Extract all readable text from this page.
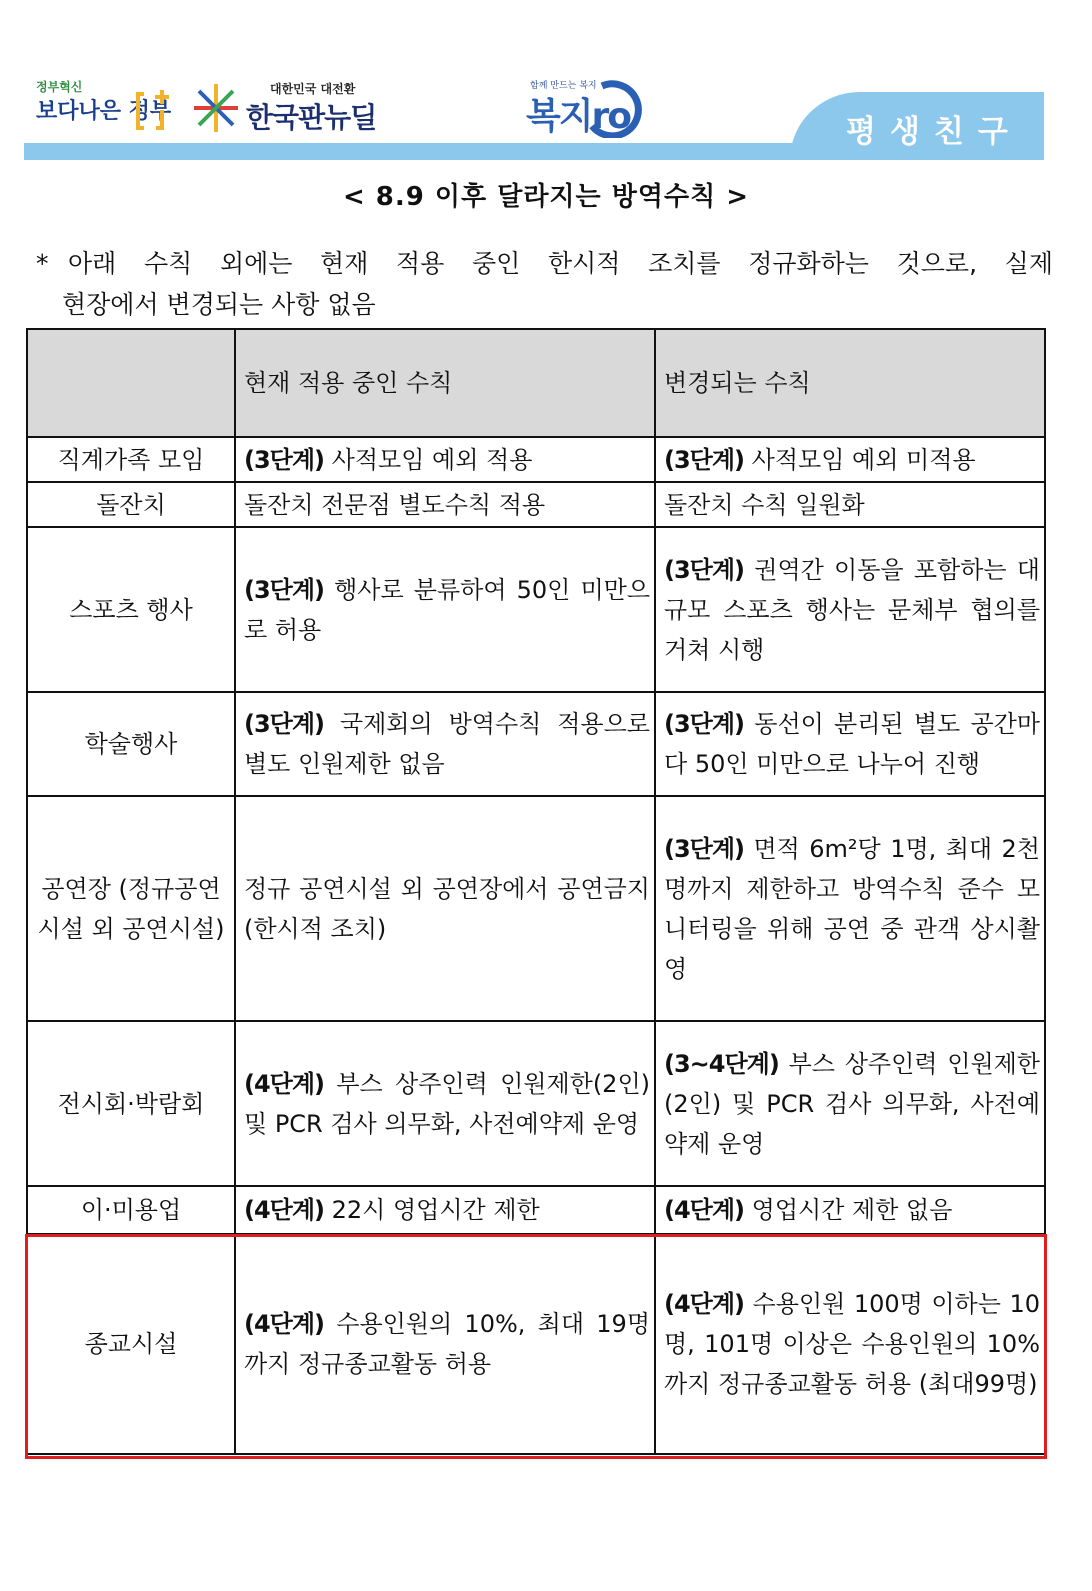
정부혁신
보다나은 정부
대한민국 대전환
한국판뉴딜
함께 만드는 복지
복지ro	평생친구
< 8.9 이후 달라지는 방역수칙 >
* 아래 수칙 외에는 현재 적용 중인 한시적 조치를 정규화하는 것으로, 실제
현장에서 변경되는 사항 없음
	현재 적용 중인 수칙	변경되는 수칙
직계가족 모임	(3단계) 사적모임 예외 적용	(3단계) 사적모임 예외 미적용
돌잔치	돌잔치 전문점 별도수칙 적용	돌잔치 수칙 일원화
스포츠 행사	(3단계) 행사로 분류하여 50인 미만으로 허용	(3단계) 권역간 이동을 포함하는 대규모 스포츠 행사는 문체부 협의를 거쳐 시행
학술행사	(3단계) 국제회의 방역수칙 적용으로 별도 인원제한 없음	(3단계) 동선이 분리된 별도 공간마다 50인 미만으로 나누어 진행
공연장 (정규공연시설 외 공연시설)	정규 공연시설 외 공연장에서 공연금지(한시적 조치)	(3단계) 면적 6m²당 1명, 최대 2천명까지 제한하고 방역수칙 준수 모니터링을 위해 공연 중 관객 상시촬영
전시회·박람회	(4단계) 부스 상주인력 인원제한(2인) 및 PCR 검사 의무화, 사전예약제 운영	(3~4단계) 부스 상주인력 인원제한(2인) 및 PCR 검사 의무화, 사전예약제 운영
이·미용업	(4단계) 22시 영업시간 제한	(4단계) 영업시간 제한 없음
종교시설	(4단계) 수용인원의 10%, 최대 19명까지 정규종교활동 허용	(4단계) 수용인원 100명 이하는 10명, 101명 이상은 수용인원의 10%까지 정규종교활동 허용 (최대99명)
